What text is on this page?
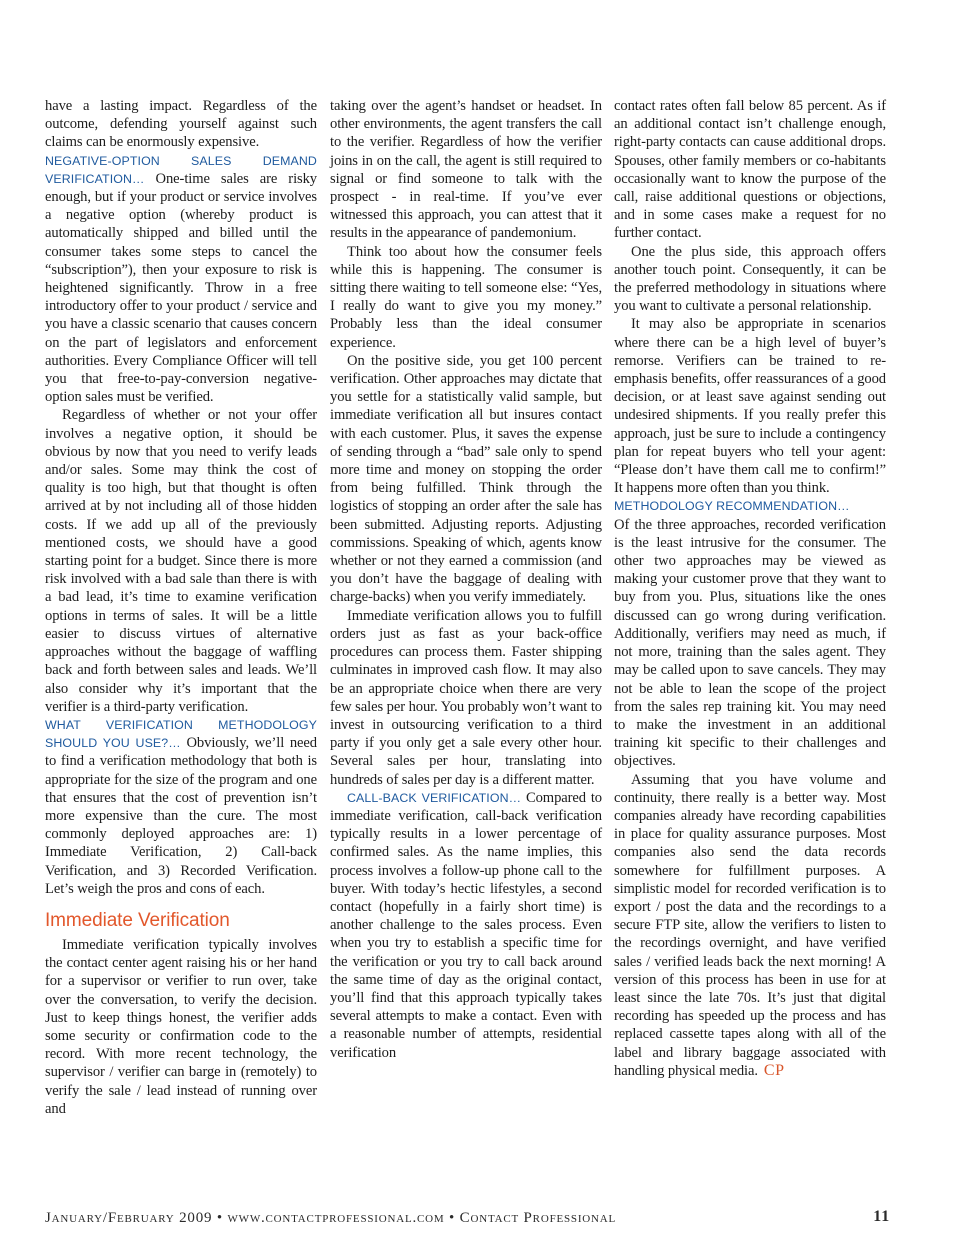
have a lasting impact. Regardless of the outcome, defending yourself against such claims can be enormously expensive.

NEGATIVE-OPTION SALES DEMAND VERIFICATION… One-time sales are risky enough, but if your product or service involves a negative option (whereby product is automatically shipped and billed until the consumer takes some steps to cancel the “subscription”), then your exposure to risk is heightened significantly. Throw in a free introductory offer to your product / service and you have a classic scenario that causes concern on the part of legislators and enforcement authorities. Every Compliance Officer will tell you that free-to-pay-conversion negative-option sales must be verified.

Regardless of whether or not your offer involves a negative option, it should be obvious by now that you need to verify leads and/or sales. Some may think the cost of quality is too high, but that thought is often arrived at by not including all of those hidden costs. If we add up all of the previously mentioned costs, we should have a good starting point for a budget. Since there is more risk involved with a bad sale than there is with a bad lead, it’s time to examine verification options in terms of sales. It will be a little easier to discuss virtues of alternative approaches without the baggage of waffling back and forth between sales and leads. We’ll also consider why it’s important that the verifier is a third-party verification.

WHAT VERIFICATION METHODOLOGY SHOULD YOU USE?… Obviously, we’ll need to find a verification methodology that both is appropriate for the size of the program and one that ensures that the cost of prevention isn’t more expensive than the cure. The most commonly deployed approaches are: 1) Immediate Verification, 2) Call-back Verification, and 3) Recorded Verification. Let’s weigh the pros and cons of each.

Immediate Verification

Immediate verification typically involves the contact center agent raising his or her hand for a supervisor or verifier to run over, take over the conversation, to verify the decision. Just to keep things honest, the verifier adds some security or confirmation code to the record. With more recent technology, the supervisor / verifier can barge in (remotely) to verify the sale / lead instead of running over and

taking over the agent’s handset or headset. In other environments, the agent transfers the call to the verifier. Regardless of how the verifier joins in on the call, the agent is still required to signal or find someone to talk with the prospect - in real-time. If you’ve ever witnessed this approach, you can attest that it results in the appearance of pandemonium.

Think too about how the consumer feels while this is happening. The consumer is sitting there waiting to tell someone else: “Yes, I really do want to give you my money.” Probably less than the ideal consumer experience.

On the positive side, you get 100 percent verification. Other approaches may dictate that you settle for a statistically valid sample, but immediate verification all but insures contact with each customer. Plus, it saves the expense of sending through a “bad” sale only to spend more time and money on stopping the order from being fulfilled. Think through the logistics of stopping an order after the sale has been submitted. Adjusting reports. Adjusting commissions. Speaking of which, agents know whether or not they earned a commission (and you don’t have the baggage of dealing with charge-backs) when you verify immediately.

Immediate verification allows you to fulfill orders just as fast as your back-office procedures can process them. Faster shipping culminates in improved cash flow. It may also be an appropriate choice when there are very few sales per hour. You probably won’t want to invest in outsourcing verification to a third party if you only get a sale every other hour. Several sales per hour, translating into hundreds of sales per day is a different matter.

CALL-BACK VERIFICATION… Compared to immediate verification, call-back verification typically results in a lower percentage of confirmed sales. As the name implies, this process involves a follow-up phone call to the buyer. With today’s hectic lifestyles, a second contact (hopefully in a fairly short time) is another challenge to the sales process. Even when you try to establish a specific time for the verification or you try to call back around the same time of day as the original contact, you’ll find that this approach typically takes several attempts to make a contact. Even with a reasonable number of attempts, residential verification

contact rates often fall below 85 percent. As if an additional contact isn’t challenge enough, right-party contacts can cause additional drops. Spouses, other family members or co-habitants occasionally want to know the purpose of the call, raise additional questions or objections, and in some cases make a request for no further contact.

One the plus side, this approach offers another touch point. Consequently, it can be the preferred methodology in situations where you want to cultivate a personal relationship.

It may also be appropriate in scenarios where there can be a high level of buyer’s remorse. Verifiers can be trained to re-emphasis benefits, offer reassurances of a good decision, or at least save against sending out undesired shipments. If you really prefer this approach, just be sure to include a contingency plan for repeat buyers who tell your agent: “Please don’t have them call me to confirm!” It happens more often than you think.

METHODOLOGY RECOMMENDATION…

Of the three approaches, recorded verification is the least intrusive for the consumer. The other two approaches may be viewed as making your customer prove that they want to buy from you. Plus, situations like the ones discussed can go wrong during verification. Additionally, verifiers may need as much, if not more, training than the sales agent. They may be called upon to save cancels. They may not be able to lean the scope of the project from the sales rep training kit. You may need to make the investment in an additional training kit specific to their challenges and objectives.

Assuming that you have volume and continuity, there really is a better way. Most companies already have recording capabilities in place for quality assurance purposes. Most companies also send the data records somewhere for fulfillment purposes. A simplistic model for recorded verification is to export / post the data and the recordings to a secure FTP site, allow the verifiers to listen to the recordings overnight, and have verified sales / verified leads back the next morning! A version of this process has been in use for at least since the late 70s. It’s just that digital recording has speeded up the process and has replaced cassette tapes along with all of the label and library baggage associated with handling physical media. CP

January/February 2009 • www.contactprofessional.com • Contact Professional	11
